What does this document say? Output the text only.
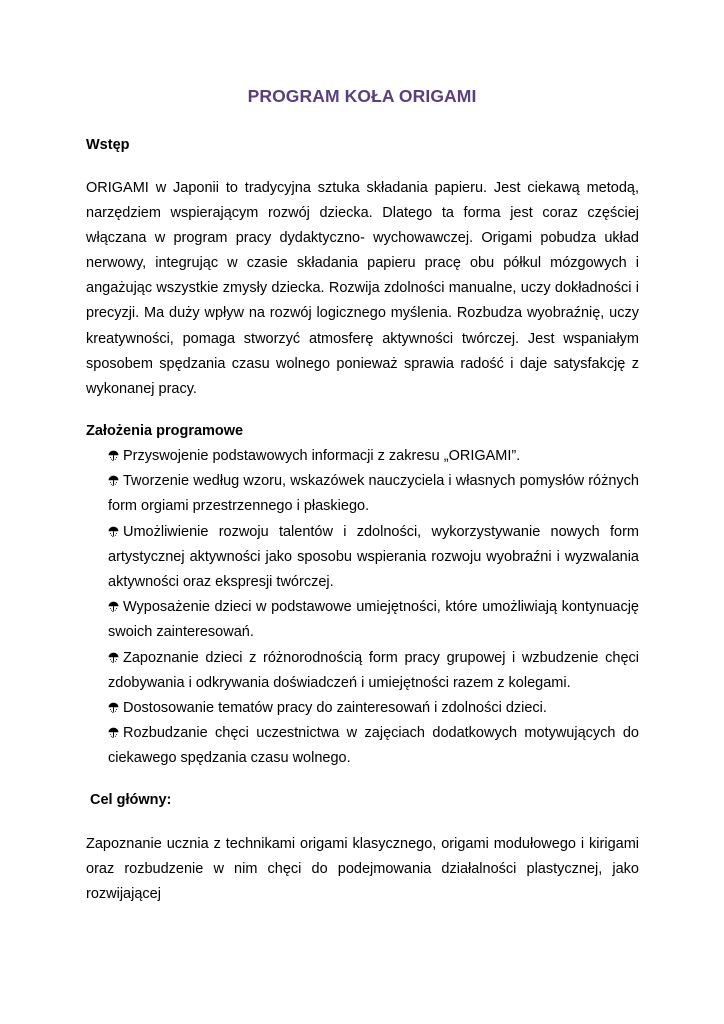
PROGRAM KOŁA ORIGAMI
Wstęp

ORIGAMI w Japonii to tradycyjna sztuka składania papieru. Jest ciekawą metodą, narzędziem wspierającym rozwój dziecka. Dlatego ta forma jest coraz częściej włączana w program pracy dydaktyczno- wychowawczej. Origami pobudza układ nerwowy, integrując w czasie składania papieru pracę obu półkul mózgowych i angażując wszystkie zmysły dziecka. Rozwija zdolności manualne, uczy dokładności i precyzji. Ma duży wpływ na rozwój logicznego myślenia. Rozbudza wyobraźnię, uczy kreatywności, pomaga stworzyć atmosferę aktywności twórczej. Jest wspaniałym sposobem spędzania czasu wolnego ponieważ sprawia radość i daje satysfakcję z wykonanej pracy.

Założenia programowe
Przyswojenie podstawowych informacji z zakresu „ORIGAMI”.
Tworzenie według wzoru, wskazówek nauczyciela i własnych pomysłów różnych form orgiami przestrzennego i płaskiego.
Umożliwienie rozwoju talentów i zdolności, wykorzystywanie nowych form artystycznej aktywności jako sposobu wspierania rozwoju wyobraźni i wyzwalania aktywności oraz ekspresji twórczej.
Wyposażenie dzieci w podstawowe umiejętności, które umożliwiają kontynuację swoich zainteresowań.
Zapoznanie dzieci z różnorodnością form pracy grupowej i wzbudzenie chęci zdobywania i odkrywania doświadczeń i umiejętności razem z kolegami.
Dostosowanie tematów pracy do zainteresowań i zdolności dzieci.
Rozbudzanie chęci uczestnictwa w zajęciach dodatkowych motywujących do ciekawego spędzania czasu wolnego.
Cel główny:

Zapoznanie ucznia z technikami origami klasycznego, origami modułowego i kirigami oraz rozbudzenie w nim chęci do podejmowania działalności plastycznej, jako rozwijającej
